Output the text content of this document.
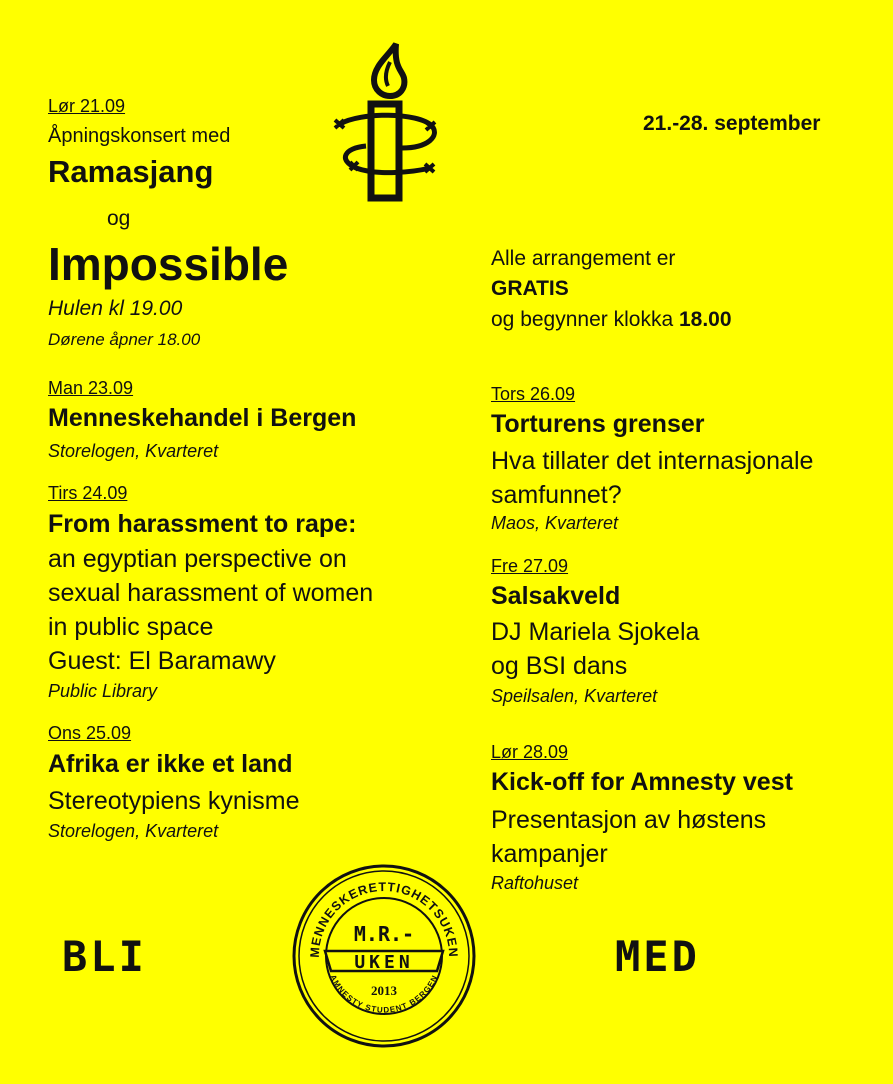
21.-28. september
Lør 21.09
Åpningskonsert med
Ramasjang
og
Impossible
Hulen kl 19.00
Dørene åpner 18.00
Alle arrangement er
GRATIS
og begynner klokka 18.00
Man 23.09
Menneskehandel i Bergen
Storelogen, Kvarteret
Tirs 24.09
From harassment to rape:
an egyptian perspective on
sexual harassment of women
in public space
Guest: El Baramawy
Public Library
Ons 25.09
Afrika er ikke et land
Stereotypiens kynisme
Storelogen, Kvarteret
Tors 26.09
Torturens grenser
Hva tillater det internasjonale
samfunnet?
Maos, Kvarteret
Fre 27.09
Salsakveld
DJ Mariela Sjokela
og BSI dans
Speilsalen, Kvarteret
Lør 28.09
Kick-off for Amnesty vest
Presentasjon av høstens
kampanjer
Raftohuset
BLI	MED
MENNESKERETTIGHETSUKEN
AMNESTY STUDENT BERGEN
M.R.-
UKEN
2013
